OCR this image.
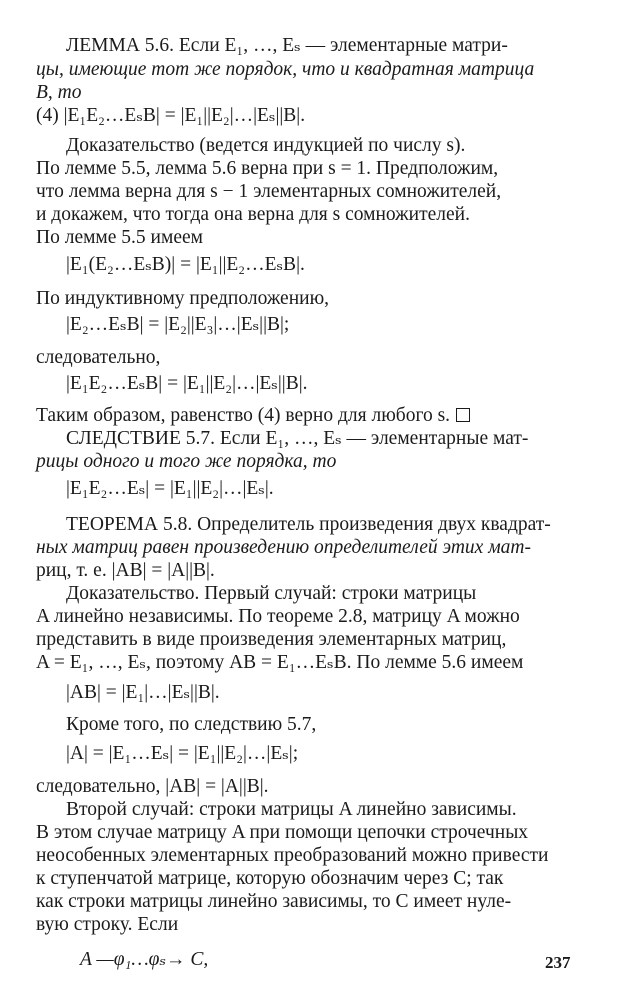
ЛЕММА 5.6. Если E₁, …, Eₛ — элементарные матри-
цы, имеющие тот же порядок, что и квадратная матрица
B, то
(4) |E₁E₂…EₛB| = |E₁||E₂|…|Eₛ||B|.
Доказательство (ведется индукцией по числу s).
По лемме 5.5, лемма 5.6 верна при s = 1. Предположим,
что лемма верна для s − 1 элементарных сомножителей,
и докажем, что тогда она верна для s сомножителей.
По лемме 5.5 имеем
|E₁(E₂…EₛB)| = |E₁||E₂…EₛB|.
По индуктивному предположению,
|E₂…EₛB| = |E₂||E₃|…|Eₛ||B|;
следовательно,
|E₁E₂…EₛB| = |E₁||E₂|…|Eₛ||B|.
Таким образом, равенство (4) верно для любого s.
СЛЕДСТВИЕ 5.7. Если E₁, …, Eₛ — элементарные мат-
рицы одного и того же порядка, то
|E₁E₂…Eₛ| = |E₁||E₂|…|Eₛ|.
ТЕОРЕМА 5.8. Определитель произведения двух квадрат-
ных матриц равен произведению определителей этих мат-
риц, т. е. |AB| = |A||B|.
Доказательство. Первый случай: строки матрицы
A линейно независимы. По теореме 2.8, матрицу A можно
представить в виде произведения элементарных матриц,
A = E₁, …, Eₛ, поэтому AB = E₁…EₛB. По лемме 5.6 имеем
|AB| = |E₁|…|Eₛ||B|.
Кроме того, по следствию 5.7,
|A| = |E₁…Eₛ| = |E₁||E₂|…|Eₛ|;
следовательно, |AB| = |A||B|.
Второй случай: строки матрицы A линейно зависимы.
В этом случае матрицу A при помощи цепочки строчечных
неособенных элементарных преобразований можно привести
к ступенчатой матрице, которую обозначим через C; так
как строки матрицы линейно зависимы, то C имеет нуле-
вую строку. Если
A —φ₁…φₛ→ C,	237
